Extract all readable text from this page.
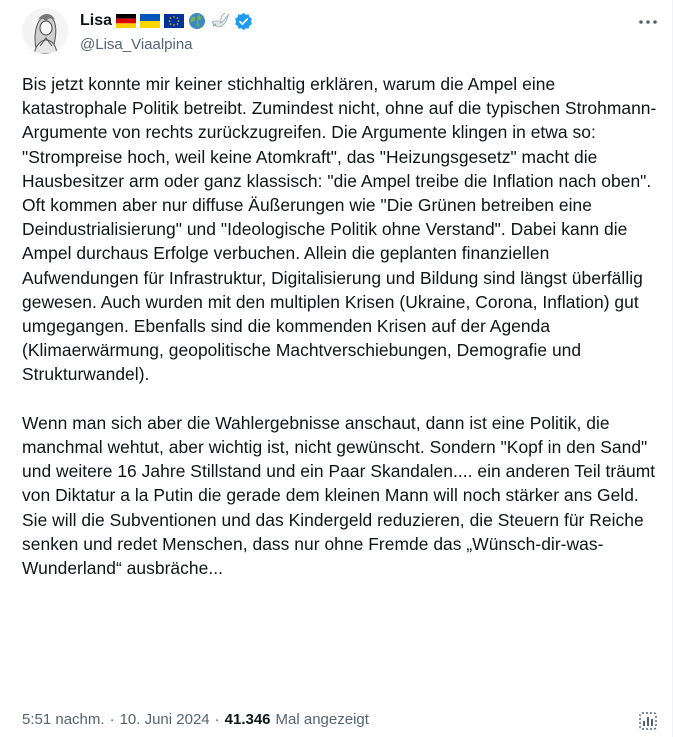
Lisa
@Lisa_Viaalpina
Bis jetzt konnte mir keiner stichhaltig erklären, warum die Ampel eine katastrophale Politik betreibt. Zumindest nicht, ohne auf die typischen Strohmann-Argumente von rechts zurückzugreifen. Die Argumente klingen in etwa so: "Strompreise hoch, weil keine Atomkraft", das "Heizungsgesetz" macht die Hausbesitzer arm oder ganz klassisch: "die Ampel treibe die Inflation nach oben". Oft kommen aber nur diffuse Äußerungen wie "Die Grünen betreiben eine Deindustrialisierung" und "Ideologische Politik ohne Verstand". Dabei kann die Ampel durchaus Erfolge verbuchen. Allein die geplanten finanziellen Aufwendungen für Infrastruktur, Digitalisierung und Bildung sind längst überfällig gewesen. Auch wurden mit den multiplen Krisen (Ukraine, Corona, Inflation) gut umgegangen. Ebenfalls sind die kommenden Krisen auf der Agenda (Klimaerwärmung, geopolitische Machtverschiebungen, Demografie und Strukturwandel).

Wenn man sich aber die Wahlergebnisse anschaut, dann ist eine Politik, die manchmal wehtut, aber wichtig ist, nicht gewünscht. Sondern "Kopf in den Sand" und weitere 16 Jahre Stillstand und ein Paar Skandalen.... ein anderen Teil träumt von Diktatur a la Putin die gerade dem kleinen Mann will noch stärker ans Geld. Sie will die Subventionen und das Kindergeld reduzieren, die Steuern für Reiche senken und redet Menschen, dass nur ohne Fremde das „Wünsch-dir-was-Wunderland“ ausbräche...
5:51 nachm. · 10. Juni 2024 · 41.346 Mal angezeigt
